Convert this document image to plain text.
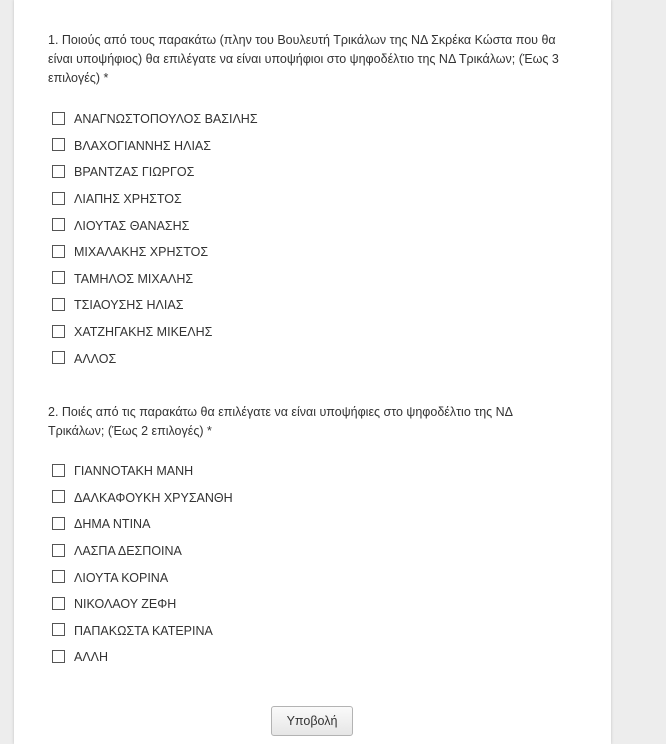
1. Ποιούς από τους παρακάτω (πλην του Βουλευτή Τρικάλων της ΝΔ Σκρέκα Κώστα που θα είναι υποψήφιος) θα επιλέγατε να είναι υποψήφιοι στο ψηφοδέλτιο της ΝΔ Τρικάλων; (Έως 3 επιλογές) *
ΑΝΑΓΝΩΣΤΟΠΟΥΛΟΣ ΒΑΣΙΛΗΣ
ΒΛΑΧΟΓΙΑΝΝΗΣ ΗΛΙΑΣ
ΒΡΑΝΤΖΑΣ ΓΙΩΡΓΟΣ
ΛΙΑΠΗΣ ΧΡΗΣΤΟΣ
ΛΙΟΥΤΑΣ ΘΑΝΑΣΗΣ
ΜΙΧΑΛΑΚΗΣ ΧΡΗΣΤΟΣ
ΤΑΜΗΛΟΣ ΜΙΧΑΛΗΣ
ΤΣΙΑΟΥΣΗΣ ΗΛΙΑΣ
ΧΑΤΖΗΓΑΚΗΣ ΜΙΚΕΛΗΣ
ΑΛΛΟΣ
2. Ποιές από τις παρακάτω θα επιλέγατε να είναι υποψήφιες στο ψηφοδέλτιο της ΝΔ Τρικάλων; (Έως 2 επιλογές) *
ΓΙΑΝΝΟΤΑΚΗ ΜΑΝΗ
ΔΑΛΚΑΦΟΥΚΗ ΧΡΥΣΑΝΘΗ
ΔΗΜΑ ΝΤΙΝΑ
ΛΑΣΠΑ ΔΕΣΠΟΙΝΑ
ΛΙΟΥΤΑ ΚΟΡΙΝΑ
ΝΙΚΟΛΑΟΥ ΖΕΦΗ
ΠΑΠΑΚΩΣΤΑ ΚΑΤΕΡΙΝΑ
ΑΛΛΗ
Υποβολή
